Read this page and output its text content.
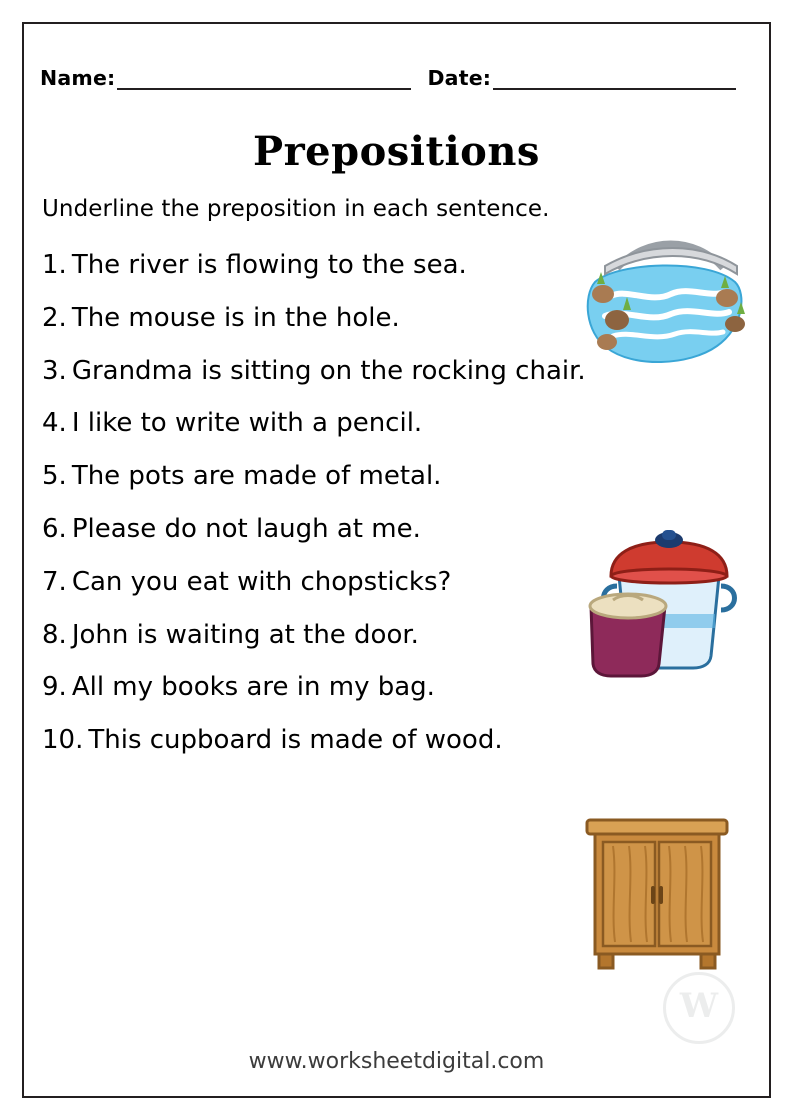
Name:	Date:
Prepositions
Underline the preposition in each sentence.
1. The river is flowing to the sea.
2. The mouse is in the hole.
3. Grandma is sitting on the rocking chair.
4. I like to write with a pencil.
5. The pots are made of metal.
6. Please do not laugh at me.
7. Can you eat with chopsticks?
8. John is waiting at the door.
9. All my books are in my bag.
10. This cupboard is made of wood.
W
www.worksheetdigital.com
